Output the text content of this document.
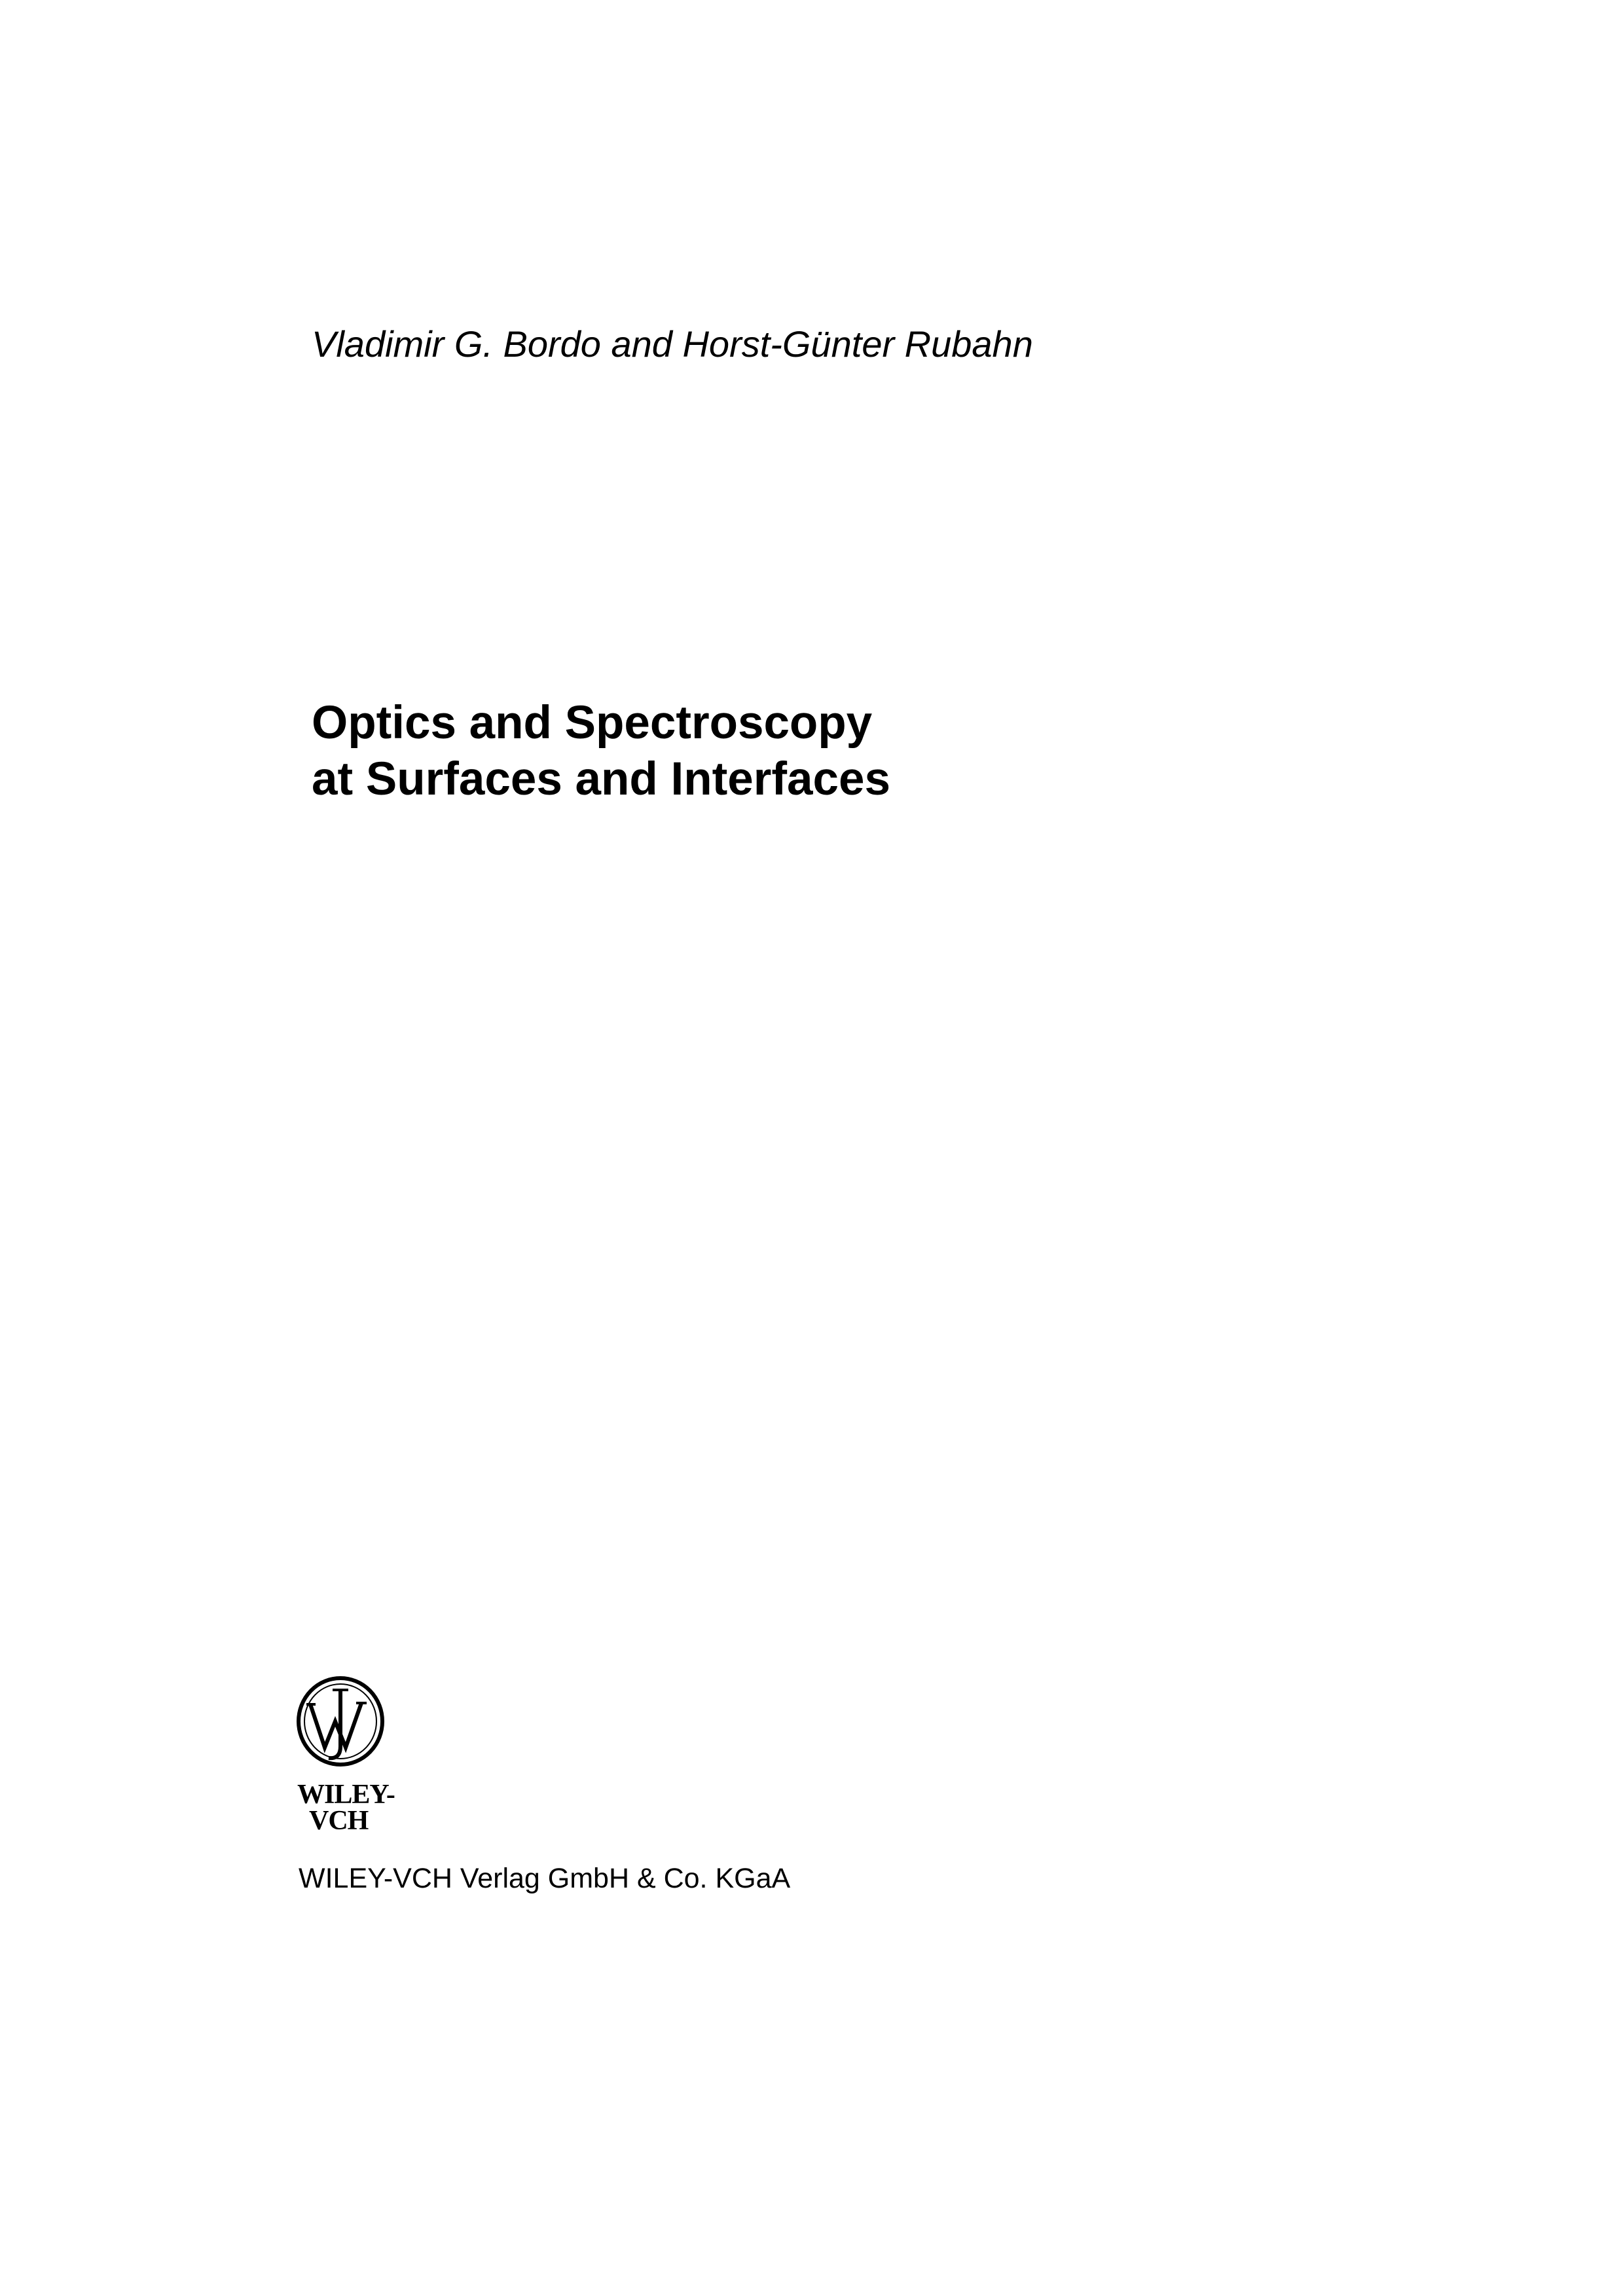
Vladimir G. Bordo and Horst-Günter Rubahn
Optics and Spectroscopy
at Surfaces and Interfaces
WILEY-
VCH
WILEY-VCH Verlag GmbH & Co. KGaA
